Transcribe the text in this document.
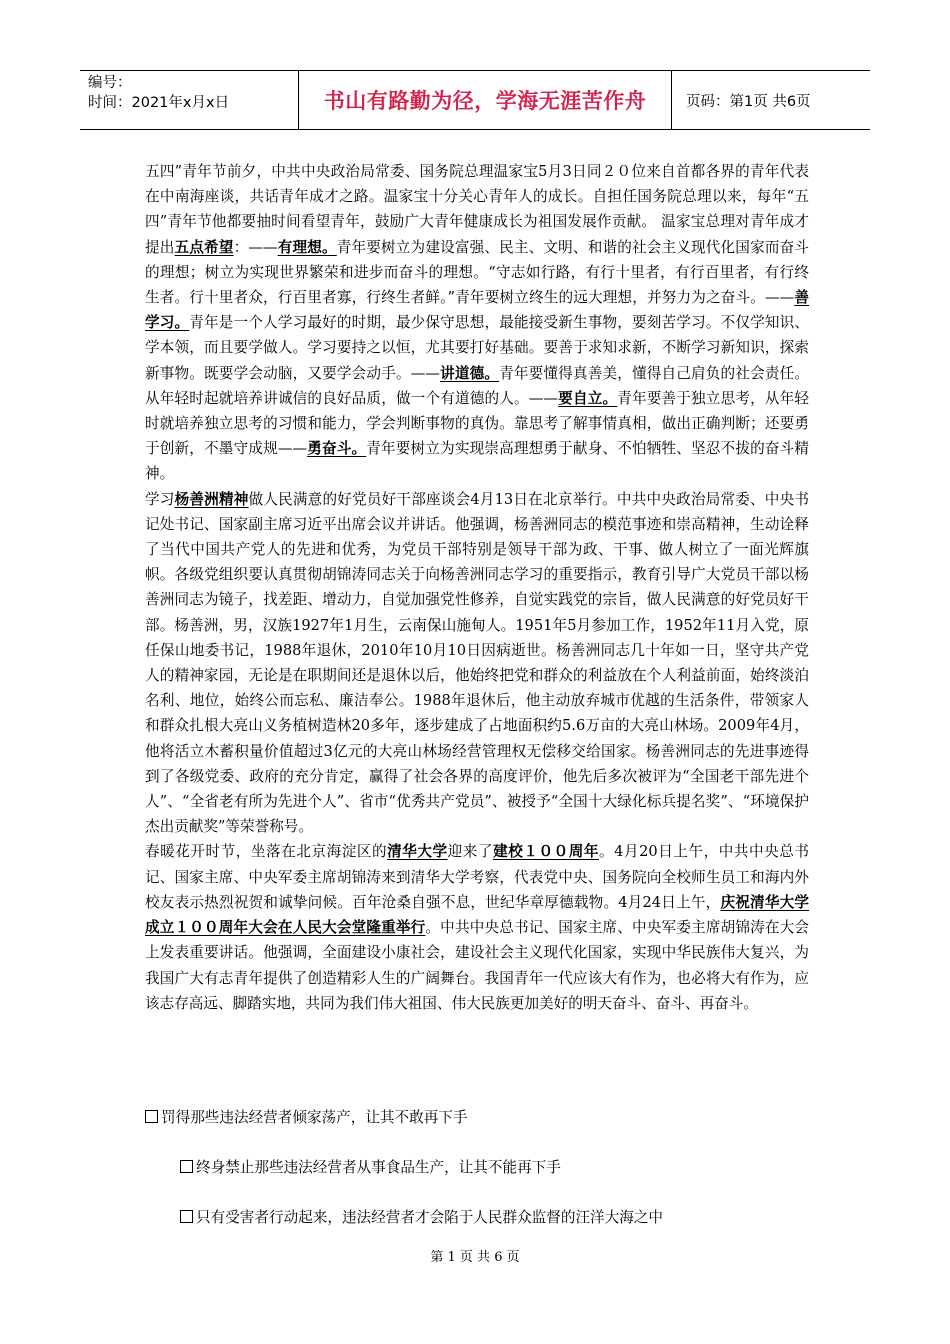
编号：
时间：2021年x月x日	书山有路勤为径，学海无涯苦作舟	页码：第1页 共6页

五四”青年节前夕，中共中央政治局常委、国务院总理温家宝5月3日同２０位来自首都各界的青年代表在中南海座谈，共话青年成才之路。温家宝十分关心青年人的成长。自担任国务院总理以来，每年“五四”青年节他都要抽时间看望青年，鼓励广大青年健康成长为祖国发展作贡献。 温家宝总理对青年成才提出五点希望：——有理想。青年要树立为建设富强、民主、文明、和谐的社会主义现代化国家而奋斗的理想；树立为实现世界繁荣和进步而奋斗的理想。“守志如行路，有行十里者，有行百里者，有行终生者。行十里者众，行百里者寡，行终生者鲜。”青年要树立终生的远大理想，并努力为之奋斗。——善学习。青年是一个人学习最好的时期，最少保守思想，最能接受新生事物，要刻苦学习。不仅学知识、学本领，而且要学做人。学习要持之以恒，尤其要打好基础。要善于求知求新，不断学习新知识，探索新事物。既要学会动脑，又要学会动手。——讲道德。青年要懂得真善美，懂得自己肩负的社会责任。从年轻时起就培养讲诚信的良好品质，做一个有道德的人。——要自立。青年要善于独立思考，从年轻时就培养独立思考的习惯和能力，学会判断事物的真伪。靠思考了解事情真相，做出正确判断；还要勇于创新，不墨守成规——勇奋斗。青年要树立为实现崇高理想勇于献身、不怕牺牲、坚忍不拔的奋斗精神。

学习杨善洲精神做人民满意的好党员好干部座谈会4月13日在北京举行。中共中央政治局常委、中央书记处书记、国家副主席习近平出席会议并讲话。他强调，杨善洲同志的模范事迹和崇高精神，生动诠释了当代中国共产党人的先进和优秀，为党员干部特别是领导干部为政、干事、做人树立了一面光辉旗帜。各级党组织要认真贯彻胡锦涛同志关于向杨善洲同志学习的重要指示，教育引导广大党员干部以杨善洲同志为镜子，找差距、增动力，自觉加强党性修养，自觉实践党的宗旨，做人民满意的好党员好干部。杨善洲，男，汉族1927年1月生，云南保山施甸人。1951年5月参加工作，1952年11月入党，原任保山地委书记，1988年退休，2010年10月10日因病逝世。杨善洲同志几十年如一日，坚守共产党人的精神家园，无论是在职期间还是退休以后，他始终把党和群众的利益放在个人利益前面，始终淡泊名利、地位，始终公而忘私、廉洁奉公。1988年退休后，他主动放弃城市优越的生活条件，带领家人和群众扎根大亮山义务植树造林20多年，逐步建成了占地面积约5.6万亩的大亮山林场。2009年4月，他将活立木蓄积量价值超过3亿元的大亮山林场经营管理权无偿移交给国家。杨善洲同志的先进事迹得到了各级党委、政府的充分肯定，赢得了社会各界的高度评价，他先后多次被评为“全国老干部先进个人”、“全省老有所为先进个人”、省市“优秀共产党员”、被授予“全国十大绿化标兵提名奖”、“环境保护杰出贡献奖”等荣誉称号。

春暖花开时节，坐落在北京海淀区的清华大学迎来了建校１００周年。4月20日上午，中共中央总书记、国家主席、中央军委主席胡锦涛来到清华大学考察，代表党中央、国务院向全校师生员工和海内外校友表示热烈祝贺和诚挚问候。百年沧桑自强不息，世纪华章厚德载物。4月24日上午，庆祝清华大学成立１００周年大会在人民大会堂隆重举行。中共中央总书记、国家主席、中央军委主席胡锦涛在大会上发表重要讲话。他强调，全面建设小康社会，建设社会主义现代化国家，实现中华民族伟大复兴，为我国广大有志青年提供了创造精彩人生的广阔舞台。我国青年一代应该大有作为，也必将大有作为，应该志存高远、脚踏实地，共同为我们伟大祖国、伟大民族更加美好的明天奋斗、奋斗、再奋斗。

罚得那些违法经营者倾家荡产，让其不敢再下手
终身禁止那些违法经营者从事食品生产，让其不能再下手
只有受害者行动起来，违法经营者才会陷于人民群众监督的汪洋大海之中
第 1 页 共 6 页
